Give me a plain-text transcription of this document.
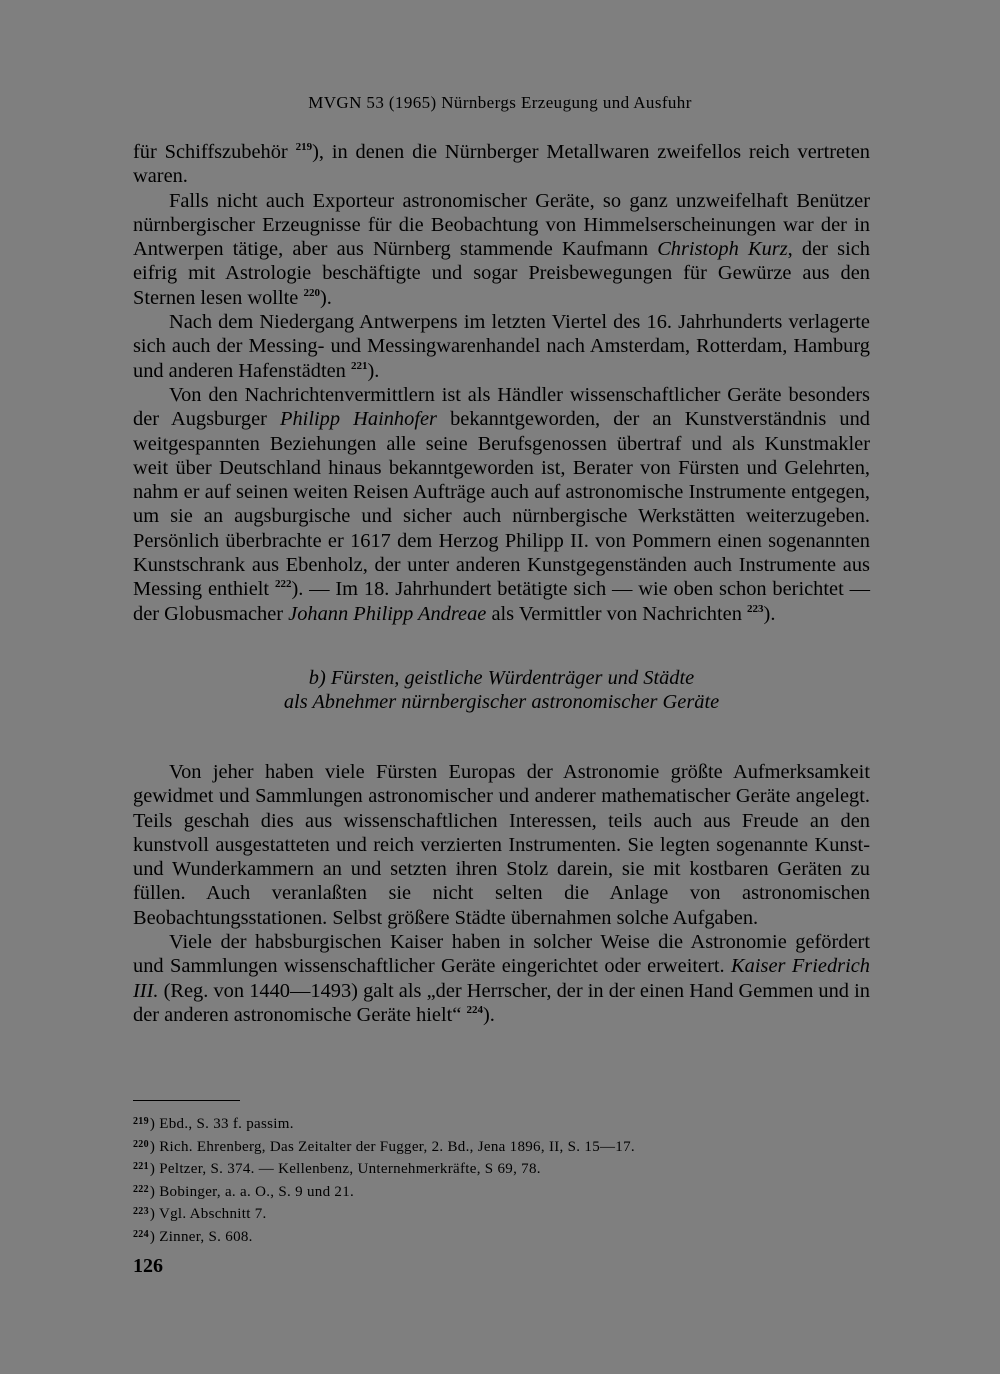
MVGN 53 (1965) Nürnbergs Erzeugung und Ausfuhr

für Schiffszubehör $^{219}$), in denen die Nürnberger Metallwaren zweifellos reich vertreten waren.

Falls nicht auch Exporteur astronomischer Geräte, so ganz unzweifelhaft Benützer nürnbergischer Erzeugnisse für die Beobachtung von Himmelserscheinungen war der in Antwerpen tätige, aber aus Nürnberg stammende Kaufmann Christoph Kurz, der sich eifrig mit Astrologie beschäftigte und sogar Preisbewegungen für Gewürze aus den Sternen lesen wollte $^{220}$).

Nach dem Niedergang Antwerpens im letzten Viertel des 16. Jahrhunderts verlagerte sich auch der Messing- und Messingwarenhandel nach Amsterdam, Rotterdam, Hamburg und anderen Hafenstädten $^{221}$).

Von den Nachrichtenvermittlern ist als Händler wissenschaftlicher Geräte besonders der Augsburger Philipp Hainhofer bekanntgeworden, der an Kunstverständnis und weitgespannten Beziehungen alle seine Berufsgenossen übertraf und als Kunstmakler weit über Deutschland hinaus bekanntgeworden ist, Berater von Fürsten und Gelehrten, nahm er auf seinen weiten Reisen Aufträge auch auf astronomische Instrumente entgegen, um sie an augsburgische und sicher auch nürnbergische Werkstätten weiterzugeben. Persönlich überbrachte er 1617 dem Herzog Philipp II. von Pommern einen sogenannten Kunstschrank aus Ebenholz, der unter anderen Kunstgegenständen auch Instrumente aus Messing enthielt $^{222}$). — Im 18. Jahrhundert betätigte sich — wie oben schon berichtet — der Globusmacher Johann Philipp Andreae als Vermittler von Nachrichten $^{223}$).

b) Fürsten, geistliche Würdenträger und Städte
als Abnehmer nürnbergischer astronomischer Geräte

Von jeher haben viele Fürsten Europas der Astronomie größte Aufmerksamkeit gewidmet und Sammlungen astronomischer und anderer mathematischer Geräte angelegt. Teils geschah dies aus wissenschaftlichen Interessen, teils auch aus Freude an den kunstvoll ausgestatteten und reich verzierten Instrumenten. Sie legten sogenannte Kunst- und Wunderkammern an und setzten ihren Stolz darein, sie mit kostbaren Geräten zu füllen. Auch veranlaßten sie nicht selten die Anlage von astronomischen Beobachtungsstationen. Selbst größere Städte übernahmen solche Aufgaben.

Viele der habsburgischen Kaiser haben in solcher Weise die Astronomie gefördert und Sammlungen wissenschaftlicher Geräte eingerichtet oder erweitert. Kaiser Friedrich III. (Reg. von 1440—1493) galt als „der Herrscher, der in der einen Hand Gemmen und in der anderen astronomische Geräte hielt“ $^{224}$).

$^{219}$) Ebd., S. 33 f. passim.
$^{220}$) Rich. Ehrenberg, Das Zeitalter der Fugger, 2. Bd., Jena 1896, II, S. 15—17.
$^{221}$) Peltzer, S. 374. — Kellenbenz, Unternehmerkräfte, S 69, 78.
$^{222}$) Bobinger, a. a. O., S. 9 und 21.
$^{223}$) Vgl. Abschnitt 7.
$^{224}$) Zinner, S. 608.
126
